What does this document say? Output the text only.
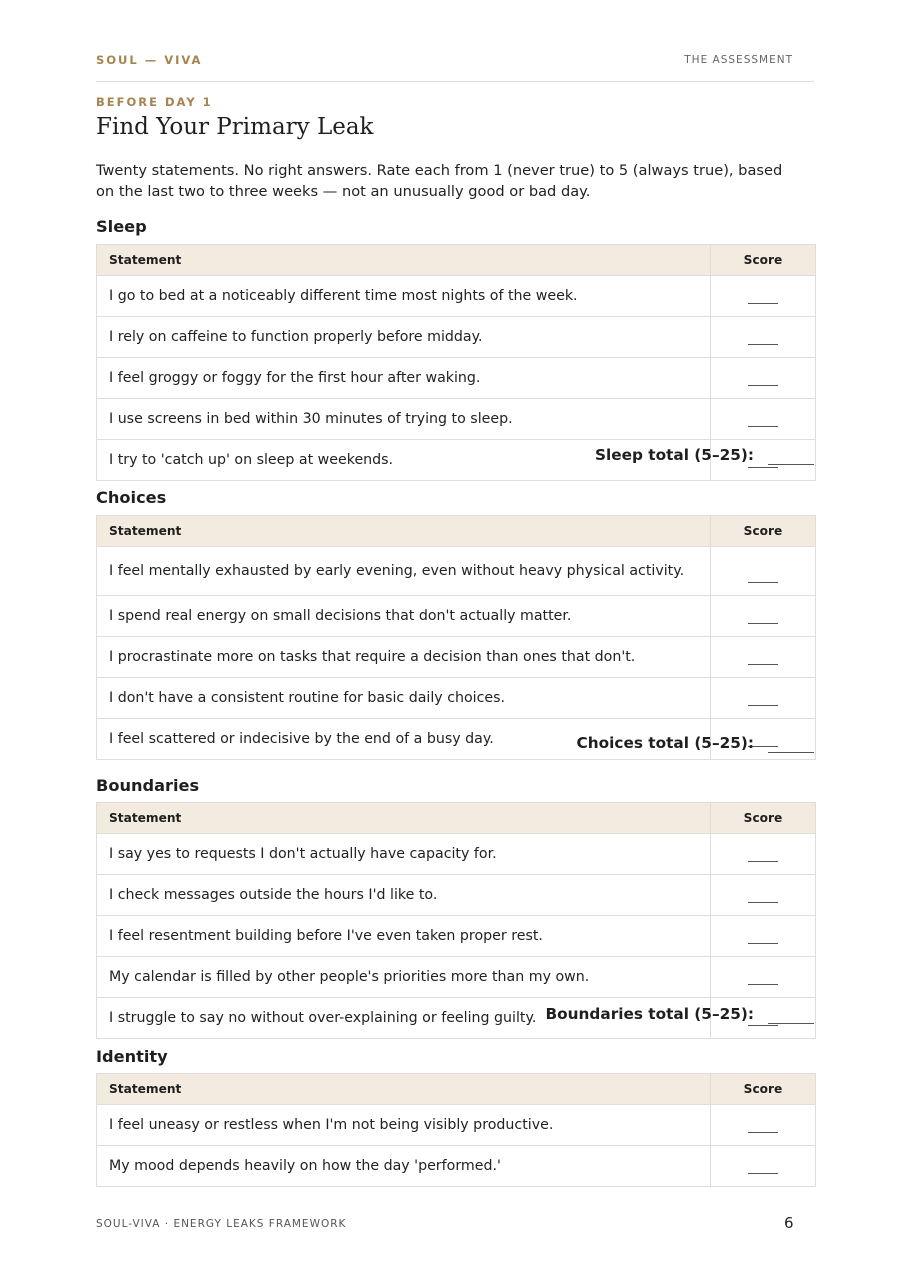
SOUL — VIVA	THE ASSESSMENT
BEFORE DAY 1
Find Your Primary Leak

Twenty statements. No right answers. Rate each from 1 (never true) to 5 (always true), based on the last two to three weeks — not an unusually good or bad day.

Sleep
Statement	Score
I go to bed at a noticeably different time most nights of the week.	
I rely on caffeine to function properly before midday.	
I feel groggy or foggy for the first hour after waking.	
I use screens in bed within 30 minutes of trying to sleep.	
I try to 'catch up' on sleep at weekends.		Sleep total (5–25):
Choices
Statement	Score
I feel mentally exhausted by early evening, even without heavy physical activity.	
I spend real energy on small decisions that don't actually matter.	
I procrastinate more on tasks that require a decision than ones that don't.	
I don't have a consistent routine for basic daily choices.	
I feel scattered or indecisive by the end of a busy day.		Choices total (5–25):
Boundaries
Statement	Score
I say yes to requests I don't actually have capacity for.	
I check messages outside the hours I'd like to.	
I feel resentment building before I've even taken proper rest.	
My calendar is filled by other people's priorities more than my own.	
I struggle to say no without over-explaining or feeling guilty.	Boundaries total (5–25):
Identity
Statement	Score
I feel uneasy or restless when I'm not being visibly productive.	
My mood depends heavily on how the day 'performed.'	
SOUL-VIVA · ENERGY LEAKS FRAMEWORK	6
